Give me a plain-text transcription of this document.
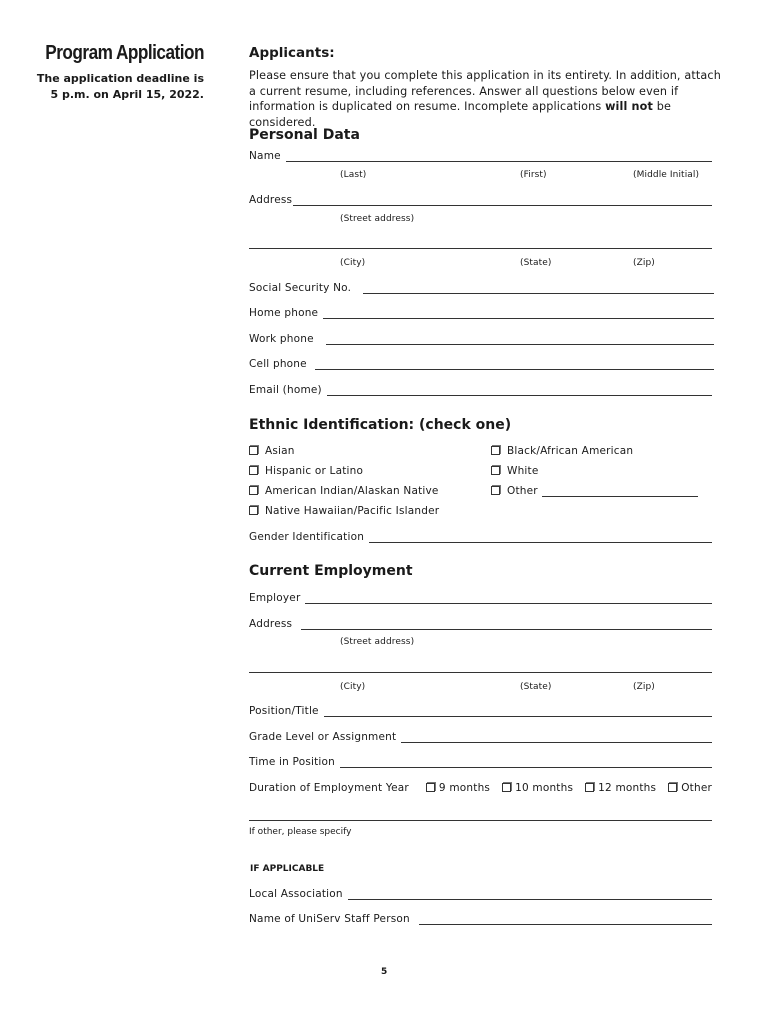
Program Application
The application deadline is
5 p.m. on April 15, 2022.
Applicants:
Please ensure that you complete this application in its entirety. In addition, attach a current resume, including references. Answer all questions below even if information is duplicated on resume. Incomplete applications will not be considered.
Personal Data
Name
(Last)	(First)	(Middle Initial)
Address
(Street address)
(City)	(State)	(Zip)
Social Security No.
Home phone
Work phone
Cell phone
Email (home)
Ethnic Identification: (check one)
Asian
Hispanic or Latino
American Indian/Alaskan Native
Native Hawaiian/Pacific Islander
Black/African American
White
Other
Gender Identification
Current Employment
Employer
Address
(Street address)
(City)	(State)	(Zip)
Position/Title
Grade Level or Assignment
Time in Position
Duration of Employment Year	9 months	10 months	12 months	Other
If other, please specify
IF APPLICABLE
Local Association
Name of UniServ Staff Person
5
